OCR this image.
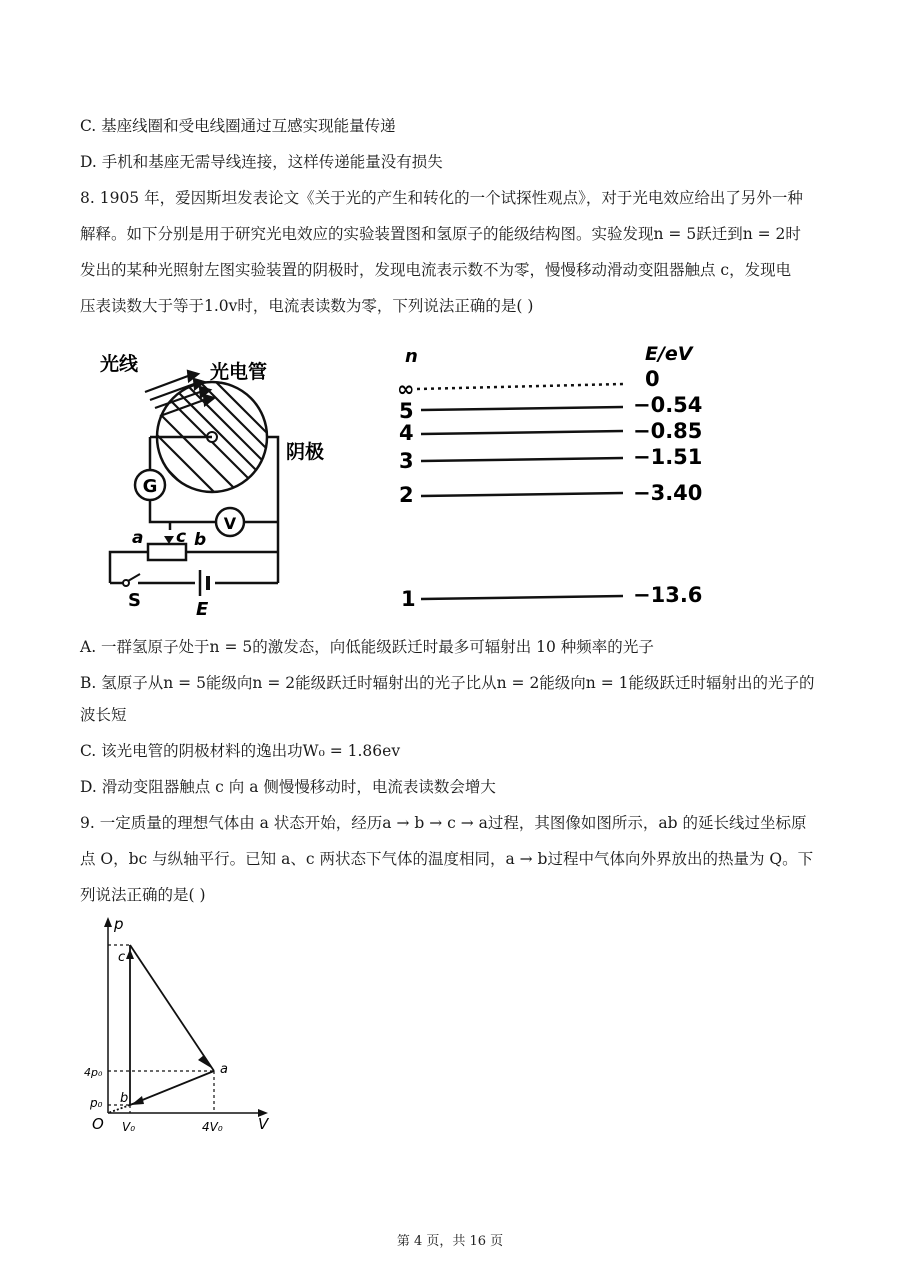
C. 基座线圈和受电线圈通过互感实现能量传递
D. 手机和基座无需导线连接，这样传递能量没有损失
8. 1905 年，爱因斯坦发表论文《关于光的产生和转化的一个试探性观点》，对于光电效应给出了另外一种
解释。如下分别是用于研究光电效应的实验装置图和氢原子的能级结构图。实验发现n = 5跃迁到n = 2时
发出的某种光照射左图实验装置的阴极时，发现电流表示数不为零，慢慢移动滑动变阻器触点 c，发现电
压表读数大于等于1.0v时，电流表读数为零，下列说法正确的是( )
G
V
光线	光电管
阴极
a c b
S	E
n	E/eV
∞	0
5	−0.54
4	−0.85
3	−1.51
2	−3.40
1	−13.6
A. 一群氢原子处于n = 5的激发态，向低能级跃迁时最多可辐射出 10 种频率的光子
B. 氢原子从n = 5能级向n = 2能级跃迁时辐射出的光子比从n = 2能级向n = 1能级跃迁时辐射出的光子的
波长短
C. 该光电管的阴极材料的逸出功W₀ = 1.86ev
D. 滑动变阻器触点 c 向 a 侧慢慢移动时，电流表读数会增大
9. 一定质量的理想气体由 a 状态开始，经历a → b → c → a过程，其图像如图所示，ab 的延长线过坐标原
点 O，bc 与纵轴平行。已知 a、c 两状态下气体的温度相同，a → b过程中气体向外界放出的热量为 Q。下
列说法正确的是( )
p
V
O
4p₀
p₀
V₀	4V₀
a
b
c
第 4 页，共 16 页
